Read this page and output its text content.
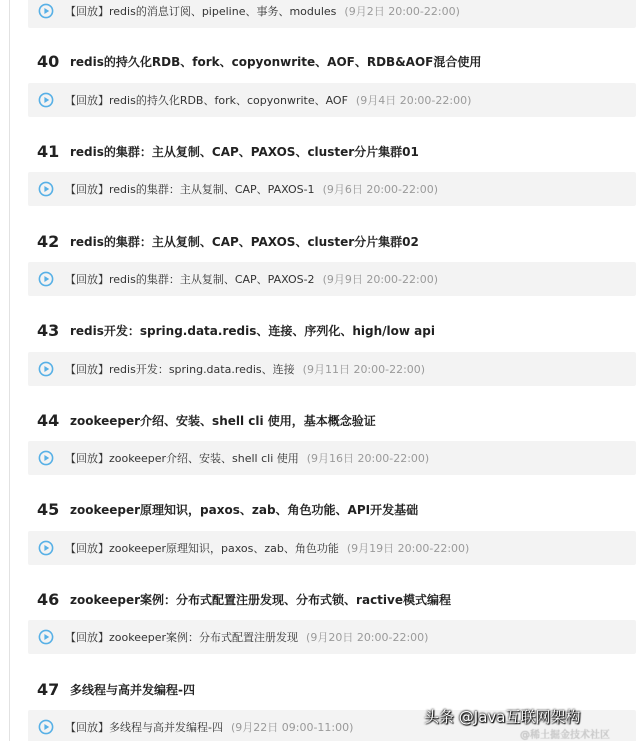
【回放】 redis的消息订阅、pipeline、事务、modules (9月2日 20:00-22:00)
40 redis的持久化RDB、fork、copyonwrite、AOF、RDB&AOF混合使用
【回放】 redis的持久化RDB、fork、copyonwrite、AOF (9月4日 20:00-22:00)
41 redis的集群：主从复制、CAP、PAXOS、cluster分片集群01
【回放】 redis的集群：主从复制、CAP、PAXOS-1 (9月6日 20:00-22:00)
42 redis的集群：主从复制、CAP、PAXOS、cluster分片集群02
【回放】 redis的集群：主从复制、CAP、PAXOS-2 (9月9日 20:00-22:00)
43 redis开发：spring.data.redis、连接、序列化、high/low api
【回放】 redis开发：spring.data.redis、连接 (9月11日 20:00-22:00)
44 zookeeper介绍、安装、shell cli 使用，基本概念验证
【回放】 zookeeper介绍、安装、shell cli 使用 (9月16日 20:00-22:00)
45 zookeeper原理知识，paxos、zab、角色功能、API开发基础
【回放】 zookeeper原理知识，paxos、zab、角色功能 (9月19日 20:00-22:00)
46 zookeeper案例：分布式配置注册发现、分布式锁、ractive模式编程
【回放】 zookeeper案例：分布式配置注册发现 (9月20日 20:00-22:00)
47 多线程与高并发编程-四
【回放】 多线程与高并发编程-四 (9月22日 09:00-11:00)
头条 @Java互联网架构
@稀土掘金技术社区
